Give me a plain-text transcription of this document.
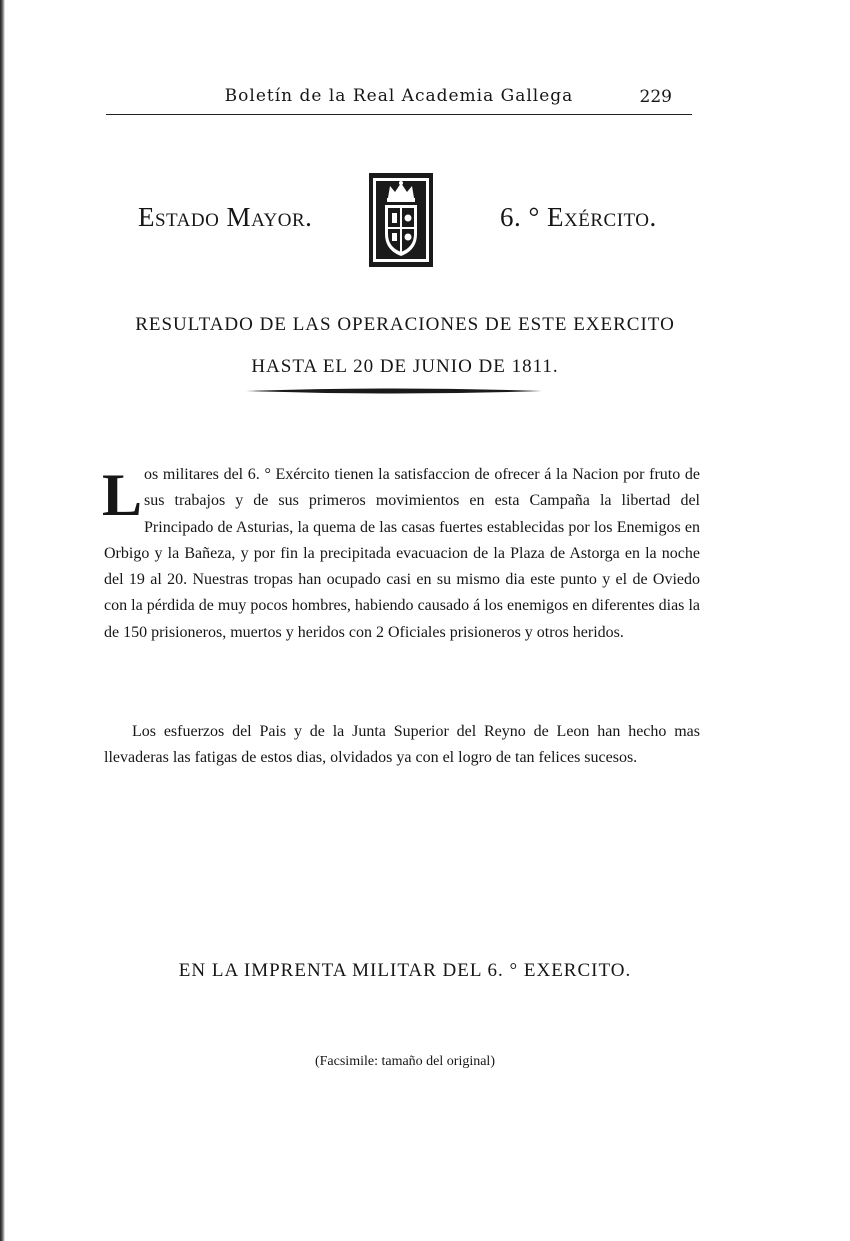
Boletín de la Real Academia Gallega	229
Estado Mayor.	6. ° Exército.
RESULTADO DE LAS OPERACIONES DE ESTE EXERCITO
HASTA EL 20 DE JUNIO DE 1811.
Los militares del 6. ° Exército tienen la satisfaccion de ofrecer á la Nacion por fruto de sus trabajos y de sus primeros movimientos en esta Campaña la libertad del Principado de Asturias, la quema de las casas fuertes establecidas por los Enemigos en Orbigo y la Bañeza, y por fin la precipitada evacuacion de la Plaza de Astorga en la noche del 19 al 20. Nuestras tropas han ocupado casi en su mismo dia este punto y el de Oviedo con la pérdida de muy pocos hombres, habiendo causado á los enemigos en diferentes dias la de 150 prisioneros, muertos y heridos con 2 Oficiales prisioneros y otros heridos.
Los esfuerzos del Pais y de la Junta Superior del Reyno de Leon han hecho mas llevaderas las fatigas de estos dias, olvidados ya con el logro de tan felices sucesos.
EN LA IMPRENTA MILITAR DEL 6. ° EXERCITO.
(Facsimile: tamaño del original)
